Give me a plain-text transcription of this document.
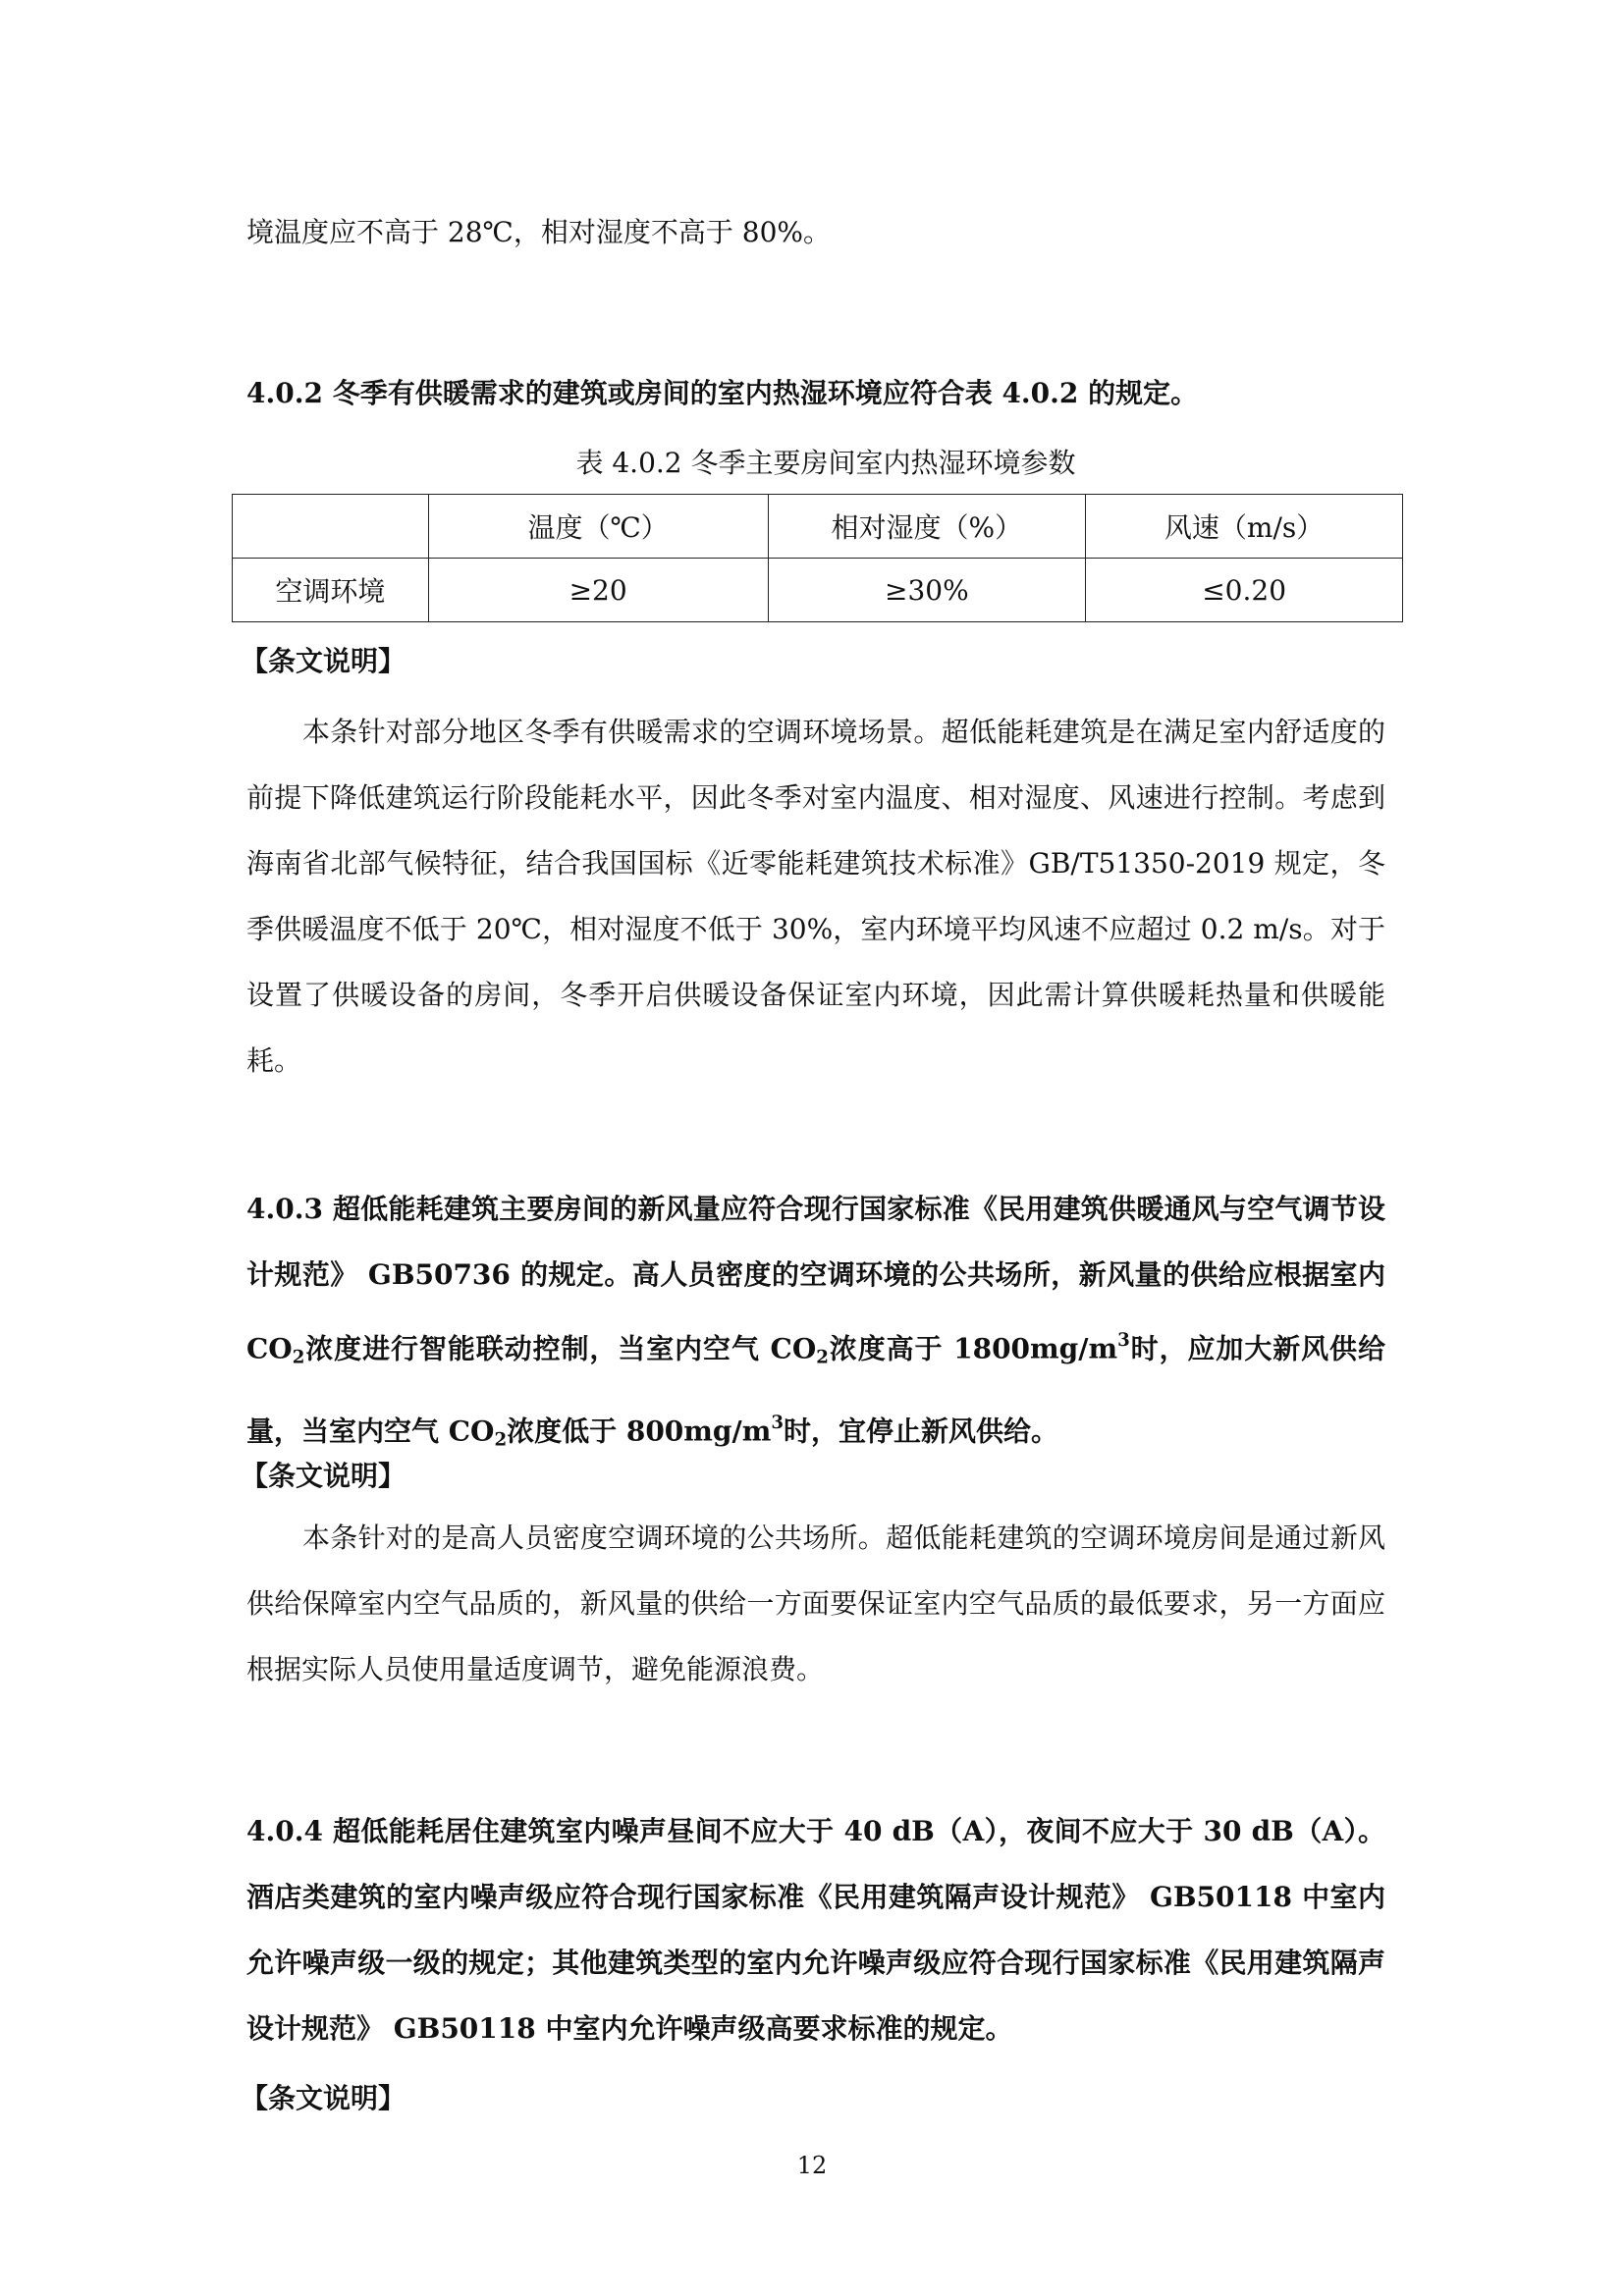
境温度应不高于 28℃，相对湿度不高于 80%。

4.0.2 冬季有供暖需求的建筑或房间的室内热湿环境应符合表 4.0.2 的规定。

表 4.0.2 冬季主要房间室内热湿环境参数
	温度（℃）	相对湿度（%）	风速（m/s）
空调环境	≥20	≥30%	≤0.20

【条文说明】

本条针对部分地区冬季有供暖需求的空调环境场景。超低能耗建筑是在满足室内舒适度的前提下降低建筑运行阶段能耗水平，因此冬季对室内温度、相对湿度、风速进行控制。考虑到海南省北部气候特征，结合我国国标《近零能耗建筑技术标准》GB/T51350-2019 规定，冬季供暖温度不低于 20℃，相对湿度不低于 30%，室内环境平均风速不应超过 0.2 m/s。对于设置了供暖设备的房间，冬季开启供暖设备保证室内环境，因此需计算供暖耗热量和供暖能耗。

4.0.3 超低能耗建筑主要房间的新风量应符合现行国家标准《民用建筑供暖通风与空气调节设计规范》 GB50736 的规定。高人员密度的空调环境的公共场所，新风量的供给应根据室内 $CO_2$浓度进行智能联动控制，当室内空气 $CO_2$浓度高于 $1800mg/m^3$时，应加大新风供给量，当室内空气 $CO_2$浓度低于 $800mg/m^3$时，宜停止新风供给。

【条文说明】

本条针对的是高人员密度空调环境的公共场所。超低能耗建筑的空调环境房间是通过新风供给保障室内空气品质的，新风量的供给一方面要保证室内空气品质的最低要求，另一方面应根据实际人员使用量适度调节，避免能源浪费。

4.0.4 超低能耗居住建筑室内噪声昼间不应大于 40 dB（A），夜间不应大于 30 dB（A）。酒店类建筑的室内噪声级应符合现行国家标准《民用建筑隔声设计规范》 GB50118 中室内允许噪声级一级的规定；其他建筑类型的室内允许噪声级应符合现行国家标准《民用建筑隔声设计规范》 GB50118 中室内允许噪声级高要求标准的规定。

【条文说明】

12
